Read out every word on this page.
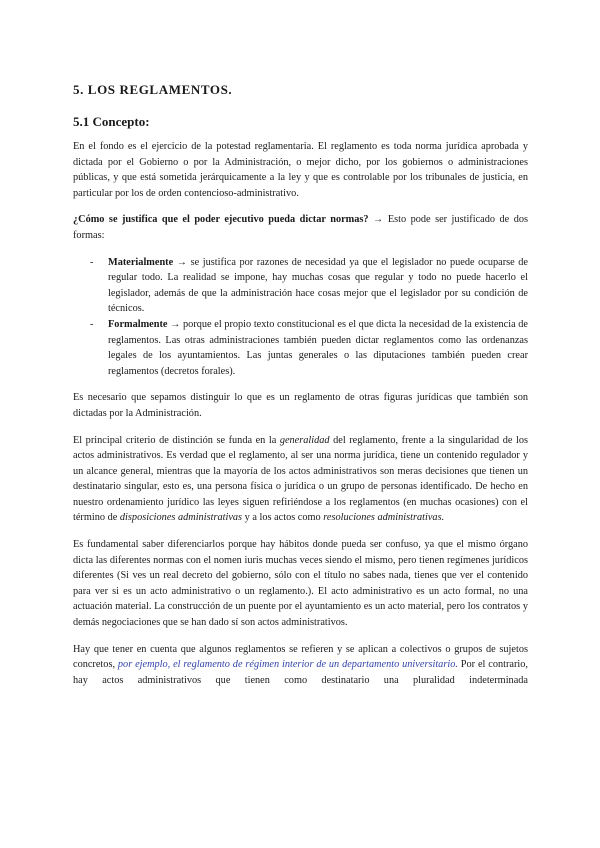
5. LOS REGLAMENTOS.
5.1 Concepto:

En el fondo es el ejercicio de la potestad reglamentaria. El reglamento es toda norma jurídica aprobada y dictada por el Gobierno o por la Administración, o mejor dicho, por los gobiernos o administraciones públicas, y que está sometida jerárquicamente a la ley y que es controlable por los tribunales de justicia, en particular por los de orden contencioso-administrativo.

¿Cómo se justifica que el poder ejecutivo pueda dictar normas? → Esto pode ser justificado de dos formas:

- Materialmente → se justifica por razones de necesidad ya que el legislador no puede ocuparse de regular todo. La realidad se impone, hay muchas cosas que regular y todo no puede hacerlo el legislador, además de que la administración hace cosas mejor que el legislador por su condición de técnicos.
- Formalmente → porque el propio texto constitucional es el que dicta la necesidad de la existencia de reglamentos. Las otras administraciones también pueden dictar reglamentos como las ordenanzas legales de los ayuntamientos. Las juntas generales o las diputaciones también pueden crear reglamentos (decretos forales).

Es necesario que sepamos distinguir lo que es un reglamento de otras figuras jurídicas que también son dictadas por la Administración.

El principal criterio de distinción se funda en la generalidad del reglamento, frente a la singularidad de los actos administrativos. Es verdad que el reglamento, al ser una norma jurídica, tiene un contenido regulador y un alcance general, mientras que la mayoría de los actos administrativos son meras decisiones que tienen un destinatario singular, esto es, una persona física o jurídica o un grupo de personas identificado. De hecho en nuestro ordenamiento jurídico las leyes siguen refiriéndose a los reglamentos (en muchas ocasiones) con el término de disposiciones administrativas y a los actos como resoluciones administrativas.

Es fundamental saber diferenciarlos porque hay hábitos donde pueda ser confuso, ya que el mismo órgano dicta las diferentes normas con el nomen iuris muchas veces siendo el mismo, pero tienen regímenes jurídicos diferentes (Si ves un real decreto del gobierno, sólo con el título no sabes nada, tienes que ver el contenido para ver si es un acto administrativo o un reglamento.). El acto administrativo es un acto formal, no una actuación material. La construcción de un puente por el ayuntamiento es un acto material, pero los contratos y demás negociaciones que se han dado sí son actos administrativos.

Hay que tener en cuenta que algunos reglamentos se refieren y se aplican a colectivos o grupos de sujetos concretos, por ejemplo, el reglamento de régimen interior de un departamento universitario. Por el contrario, hay actos administrativos que tienen como destinatario una pluralidad indeterminada
